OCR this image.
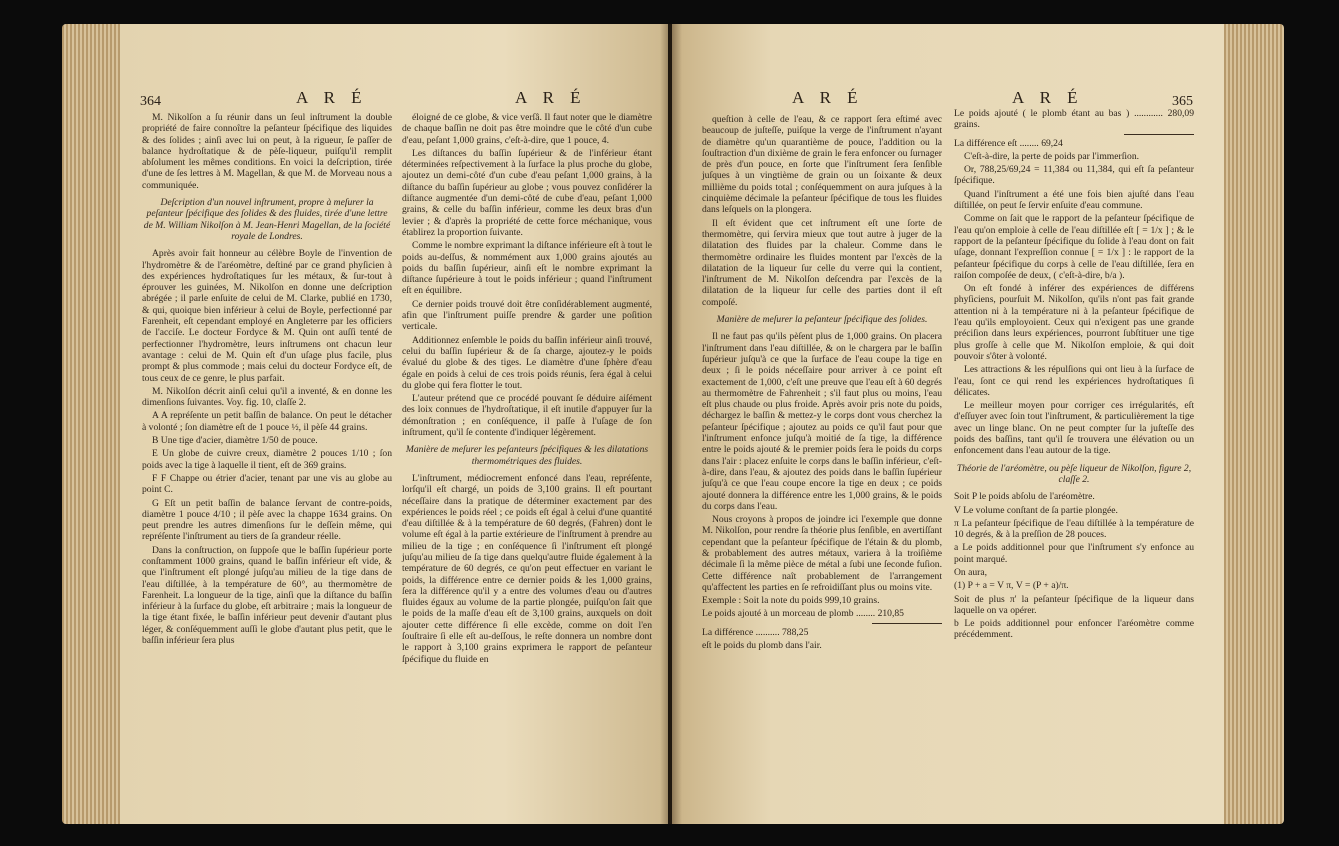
364	A R É	A R É

M. Nikolſon a ſu réunir dans un ſeul inſtrument la double propriété de faire connoître la peſanteur ſpécifique des liquides & des ſolides ; ainſi avec lui on peut, à la rigueur, ſe paſſer de balance hydroſtatique & de pèſe-liqueur, puiſqu'il remplit abſolument les mêmes conditions. En voici la deſcription, tirée d'une de ſes lettres à M. Magellan, & que M. de Morveau nous a communiquée.

Deſcription d'un nouvel inſtrument, propre à meſurer la peſanteur ſpécifique des ſolides & des fluides, tirée d'une lettre de M. William Nikolſon à M. Jean-Henri Magellan, de la ſociété royale de Londres.

Après avoir fait honneur au célèbre Boyle de l'invention de l'hydromètre & de l'aréomètre, deſtiné par ce grand phyſicien à des expériences hydroſtatiques ſur les métaux, & ſur-tout à éprouver les guinées, M. Nikolſon en donne une deſcription abrégée ; il parle enſuite de celui de M. Clarke, publié en 1730, & qui, quoique bien inférieur à celui de Boyle, perfectionné par Farenheit, eſt cependant employé en Angleterre par les officiers de l'acciſe. Le docteur Fordyce & M. Quin ont auſſi tenté de perfectionner l'hydromètre, leurs inſtrumens ont chacun leur avantage : celui de M. Quin eſt d'un uſage plus facile, plus prompt & plus commode ; mais celui du docteur Fordyce eſt, de tous ceux de ce genre, le plus parfait.

M. Nikolſon décrit ainſi celui qu'il a inventé, & en donne les dimenſions ſuivantes. Voy. fig. 10, claſſe 2.

A A repréſente un petit baſſin de balance. On peut le détacher à volonté ; ſon diamètre eſt de 1 pouce ½, il pèſe 44 grains.

B Une tige d'acier, diamètre 1/50 de pouce.

E Un globe de cuivre creux, diamètre 2 pouces 1/10 ; ſon poids avec la tige à laquelle il tient, eſt de 369 grains.

F F Chappe ou étrier d'acier, tenant par une vis au globe au point C.

G Eſt un petit baſſin de balance ſervant de contre-poids, diamètre 1 pouce 4/10 ; il pèſe avec la chappe 1634 grains. On peut prendre les autres dimenſions ſur le deſſein même, qui repréſente l'inſtrument au tiers de ſa grandeur réelle.

Dans la conſtruction, on ſuppoſe que le baſſin ſupérieur porte conſtamment 1000 grains, quand le baſſin inférieur eſt vide, & que l'inſtrument eſt plongé juſqu'au milieu de la tige dans de l'eau diſtillée, à la température de 60°, au thermomètre de Farenheit. La longueur de la tige, ainſi que la diſtance du baſſin inférieur à la ſurface du globe, eſt arbitraire ; mais la longueur de la tige étant fixée, le baſſin inférieur peut devenir d'autant plus léger, & conſéquemment auſſi le globe d'autant plus petit, que le baſſin inférieur ſera plus

éloigné de ce globe, & vice verſâ. Il faut noter que le diamètre de chaque baſſin ne doit pas être moindre que le côté d'un cube d'eau, peſant 1,000 grains, c'eſt-à-dire, que 1 pouce, 4.

Les diſtances du baſſin ſupérieur & de l'inférieur étant déterminées reſpectivement à la ſurface la plus proche du globe, ajoutez un demi-côté d'un cube d'eau peſant 1,000 grains, à la diſtance du baſſin ſupérieur au globe ; vous pouvez conſidérer la diſtance augmentée d'un demi-côté de cube d'eau, peſant 1,000 grains, & celle du baſſin inférieur, comme les deux bras d'un levier ; & d'après la propriété de cette force méchanique, vous établirez la proportion ſuivante.

Comme le nombre exprimant la diſtance inférieure eſt à tout le poids au-deſſus, & nommément aux 1,000 grains ajoutés au poids du baſſin ſupérieur, ainſi eſt le nombre exprimant la diſtance ſupérieure à tout le poids inférieur ; quand l'inſtrument eſt en équilibre.

Ce dernier poids trouvé doit être conſidérablement augmenté, afin que l'inſtrument puiſſe prendre & garder une poſition verticale.

Additionnez enſemble le poids du baſſin inférieur ainſi trouvé, celui du baſſin ſupérieur & de ſa charge, ajoutez-y le poids évalué du globe & des tiges. Le diamètre d'une ſphère d'eau égale en poids à celui de ces trois poids réunis, ſera égal à celui du globe qui fera flotter le tout.

L'auteur prétend que ce procédé pouvant ſe déduire aiſément des loix connues de l'hydroſtatique, il eſt inutile d'appuyer ſur la démonſtration ; en conſéquence, il paſſe à l'uſage de ſon inſtrument, qu'il ſe contente d'indiquer légèrement.

Manière de meſurer les peſanteurs ſpécifiques & les dilatations thermométriques des fluides.

L'inſtrument, médiocrement enfoncé dans l'eau, repréſente, lorſqu'il eſt chargé, un poids de 3,100 grains. Il eſt pourtant néceſſaire dans la pratique de déterminer exactement par des expériences le poids réel ; ce poids eſt égal à celui d'une quantité d'eau diſtillée & à la température de 60 degrés, (Fahren) dont le volume eſt égal à la partie extérieure de l'inſtrument à prendre au milieu de la tige ; en conſéquence ſi l'inſtrument eſt plongé juſqu'au milieu de ſa tige dans quelqu'autre fluide également à la température de 60 degrés, ce qu'on peut effectuer en variant le poids, la différence entre ce dernier poids & les 1,000 grains, ſera la différence qu'il y a entre des volumes d'eau ou d'autres fluides égaux au volume de la partie plongée, puiſqu'on ſait que le poids de la maſſe d'eau eſt de 3,100 grains, auxquels on doit ajouter cette différence ſi elle excède, comme on doit l'en ſouſtraire ſi elle eſt au-deſſous, le reſte donnera un nombre dont le rapport à 3,100 grains exprimera le rapport de peſanteur ſpécifique du fluide en

A R É	A R É	365

queſtion à celle de l'eau, & ce rapport ſera eſtimé avec beaucoup de juſteſſe, puiſque la verge de l'inſtrument n'ayant de diamètre qu'un quarantième de pouce, l'addition ou la ſouſtraction d'un dixième de grain le fera enfoncer ou ſurnager de près d'un pouce, en ſorte que l'inſtrument ſera ſenſible juſques à un vingtième de grain ou un ſoixante & deux millième du poids total ; conſéquemment on aura juſques à la cinquième décimale la peſanteur ſpécifique de tous les fluides dans leſquels on la plongera.

Il eſt évident que cet inſtrument eſt une ſorte de thermomètre, qui ſervira mieux que tout autre à juger de la dilatation des fluides par la chaleur. Comme dans le thermomètre ordinaire les fluides montent par l'excès de la dilatation de la liqueur ſur celle du verre qui la contient, l'inſtrument de M. Nikolſon deſcendra par l'excès de la dilatation de la liqueur ſur celle des parties dont il eſt compoſé.

Manière de meſurer la peſanteur ſpécifique des ſolides.

Il ne faut pas qu'ils pèſent plus de 1,000 grains. On placera l'inſtrument dans l'eau diſtillée, & on le chargera par le baſſin ſupérieur juſqu'à ce que la ſurface de l'eau coupe la tige en deux ; ſi le poids néceſſaire pour arriver à ce point eſt exactement de 1,000, c'eſt une preuve que l'eau eſt à 60 degrés au thermomètre de Fahrenheit ; s'il faut plus ou moins, l'eau eſt plus chaude ou plus froide. Après avoir pris note du poids, déchargez le baſſin & mettez-y le corps dont vous cherchez la peſanteur ſpécifique ; ajoutez au poids ce qu'il faut pour que l'inſtrument enfonce juſqu'à moitié de ſa tige, la différence entre le poids ajouté & le premier poids ſera le poids du corps dans l'air : placez enſuite le corps dans le baſſin inférieur, c'eſt-à-dire, dans l'eau, & ajoutez des poids dans le baſſin ſupérieur juſqu'à ce que l'eau coupe encore la tige en deux ; ce poids ajouté donnera la différence entre les 1,000 grains, & le poids du corps dans l'eau.

Nous croyons à propos de joindre ici l'exemple que donne M. Nikolſon, pour rendre ſa théorie plus ſenſible, en avertiſſant cependant que la peſanteur ſpécifique de l'étain & du plomb, & probablement des autres métaux, variera à la troiſième décimale ſi la même pièce de métal a ſubi une ſeconde fuſion. Cette différence naît probablement de l'arrangement qu'affectent les parties en ſe refroidiſſant plus ou moins vite.

Exemple : Soit la note du poids 999,10 grains.

Le poids ajouté à un morceau de plomb ........ 210,85

La différence .......... 788,25

eſt le poids du plomb dans l'air.

Le poids ajouté ( le plomb étant au bas ) ............ 280,09 grains.

La différence eſt ........ 69,24

C'eſt-à-dire, la perte de poids par l'immerſion.

Or, 788,25/69,24 = 11,384 ou 11,384, qui eſt ſa peſanteur ſpécifique.

Quand l'inſtrument a été une fois bien ajuſté dans l'eau diſtillée, on peut ſe ſervir enſuite d'eau commune.

Comme on ſait que le rapport de la peſanteur ſpécifique de l'eau qu'on emploie à celle de l'eau diſtillée eſt [ = 1/x ] ; & le rapport de la peſanteur ſpécifique du ſolide à l'eau dont on fait uſage, donnant l'expreſſion connue [ = 1/x ] : le rapport de la peſanteur ſpécifique du corps à celle de l'eau diſtillée, ſera en raiſon compoſée de deux, ( c'eſt-à-dire, b/a ).

On eſt fondé à inférer des expériences de différens phyſiciens, pourſuit M. Nikolſon, qu'ils n'ont pas fait grande attention ni à la température ni à la peſanteur ſpécifique de l'eau qu'ils employoient. Ceux qui n'exigent pas une grande préciſion dans leurs expériences, pourront ſubſtituer une tige plus groſſe à celle que M. Nikolſon emploie, & qui doit pouvoir s'ôter à volonté.

Les attractions & les répulſions qui ont lieu à la ſurface de l'eau, ſont ce qui rend les expériences hydroſtatiques ſi délicates.

Le meilleur moyen pour corriger ces irrégularités, eſt d'eſſuyer avec ſoin tout l'inſtrument, & particulièrement la tige avec un linge blanc. On ne peut compter ſur la juſteſſe des poids des baſſins, tant qu'il ſe trouvera une élévation ou un enfoncement dans l'eau autour de la tige.

Théorie de l'aréomètre, ou pèſe liqueur de Nikolſon, figure 2, claſſe 2.

Soit P le poids abſolu de l'aréomètre.

V Le volume conſtant de ſa partie plongée.

π La peſanteur ſpécifique de l'eau diſtillée à la température de 10 degrés, & à la preſſion de 28 pouces.

a Le poids additionnel pour que l'inſtrument s'y enfonce au point marqué.

On aura,

(1) P + a = V π, V = (P + a)/π.

Soit de plus π' la peſanteur ſpécifique de la liqueur dans laquelle on va opérer.

b Le poids additionnel pour enfoncer l'aréomètre comme précédemment.
